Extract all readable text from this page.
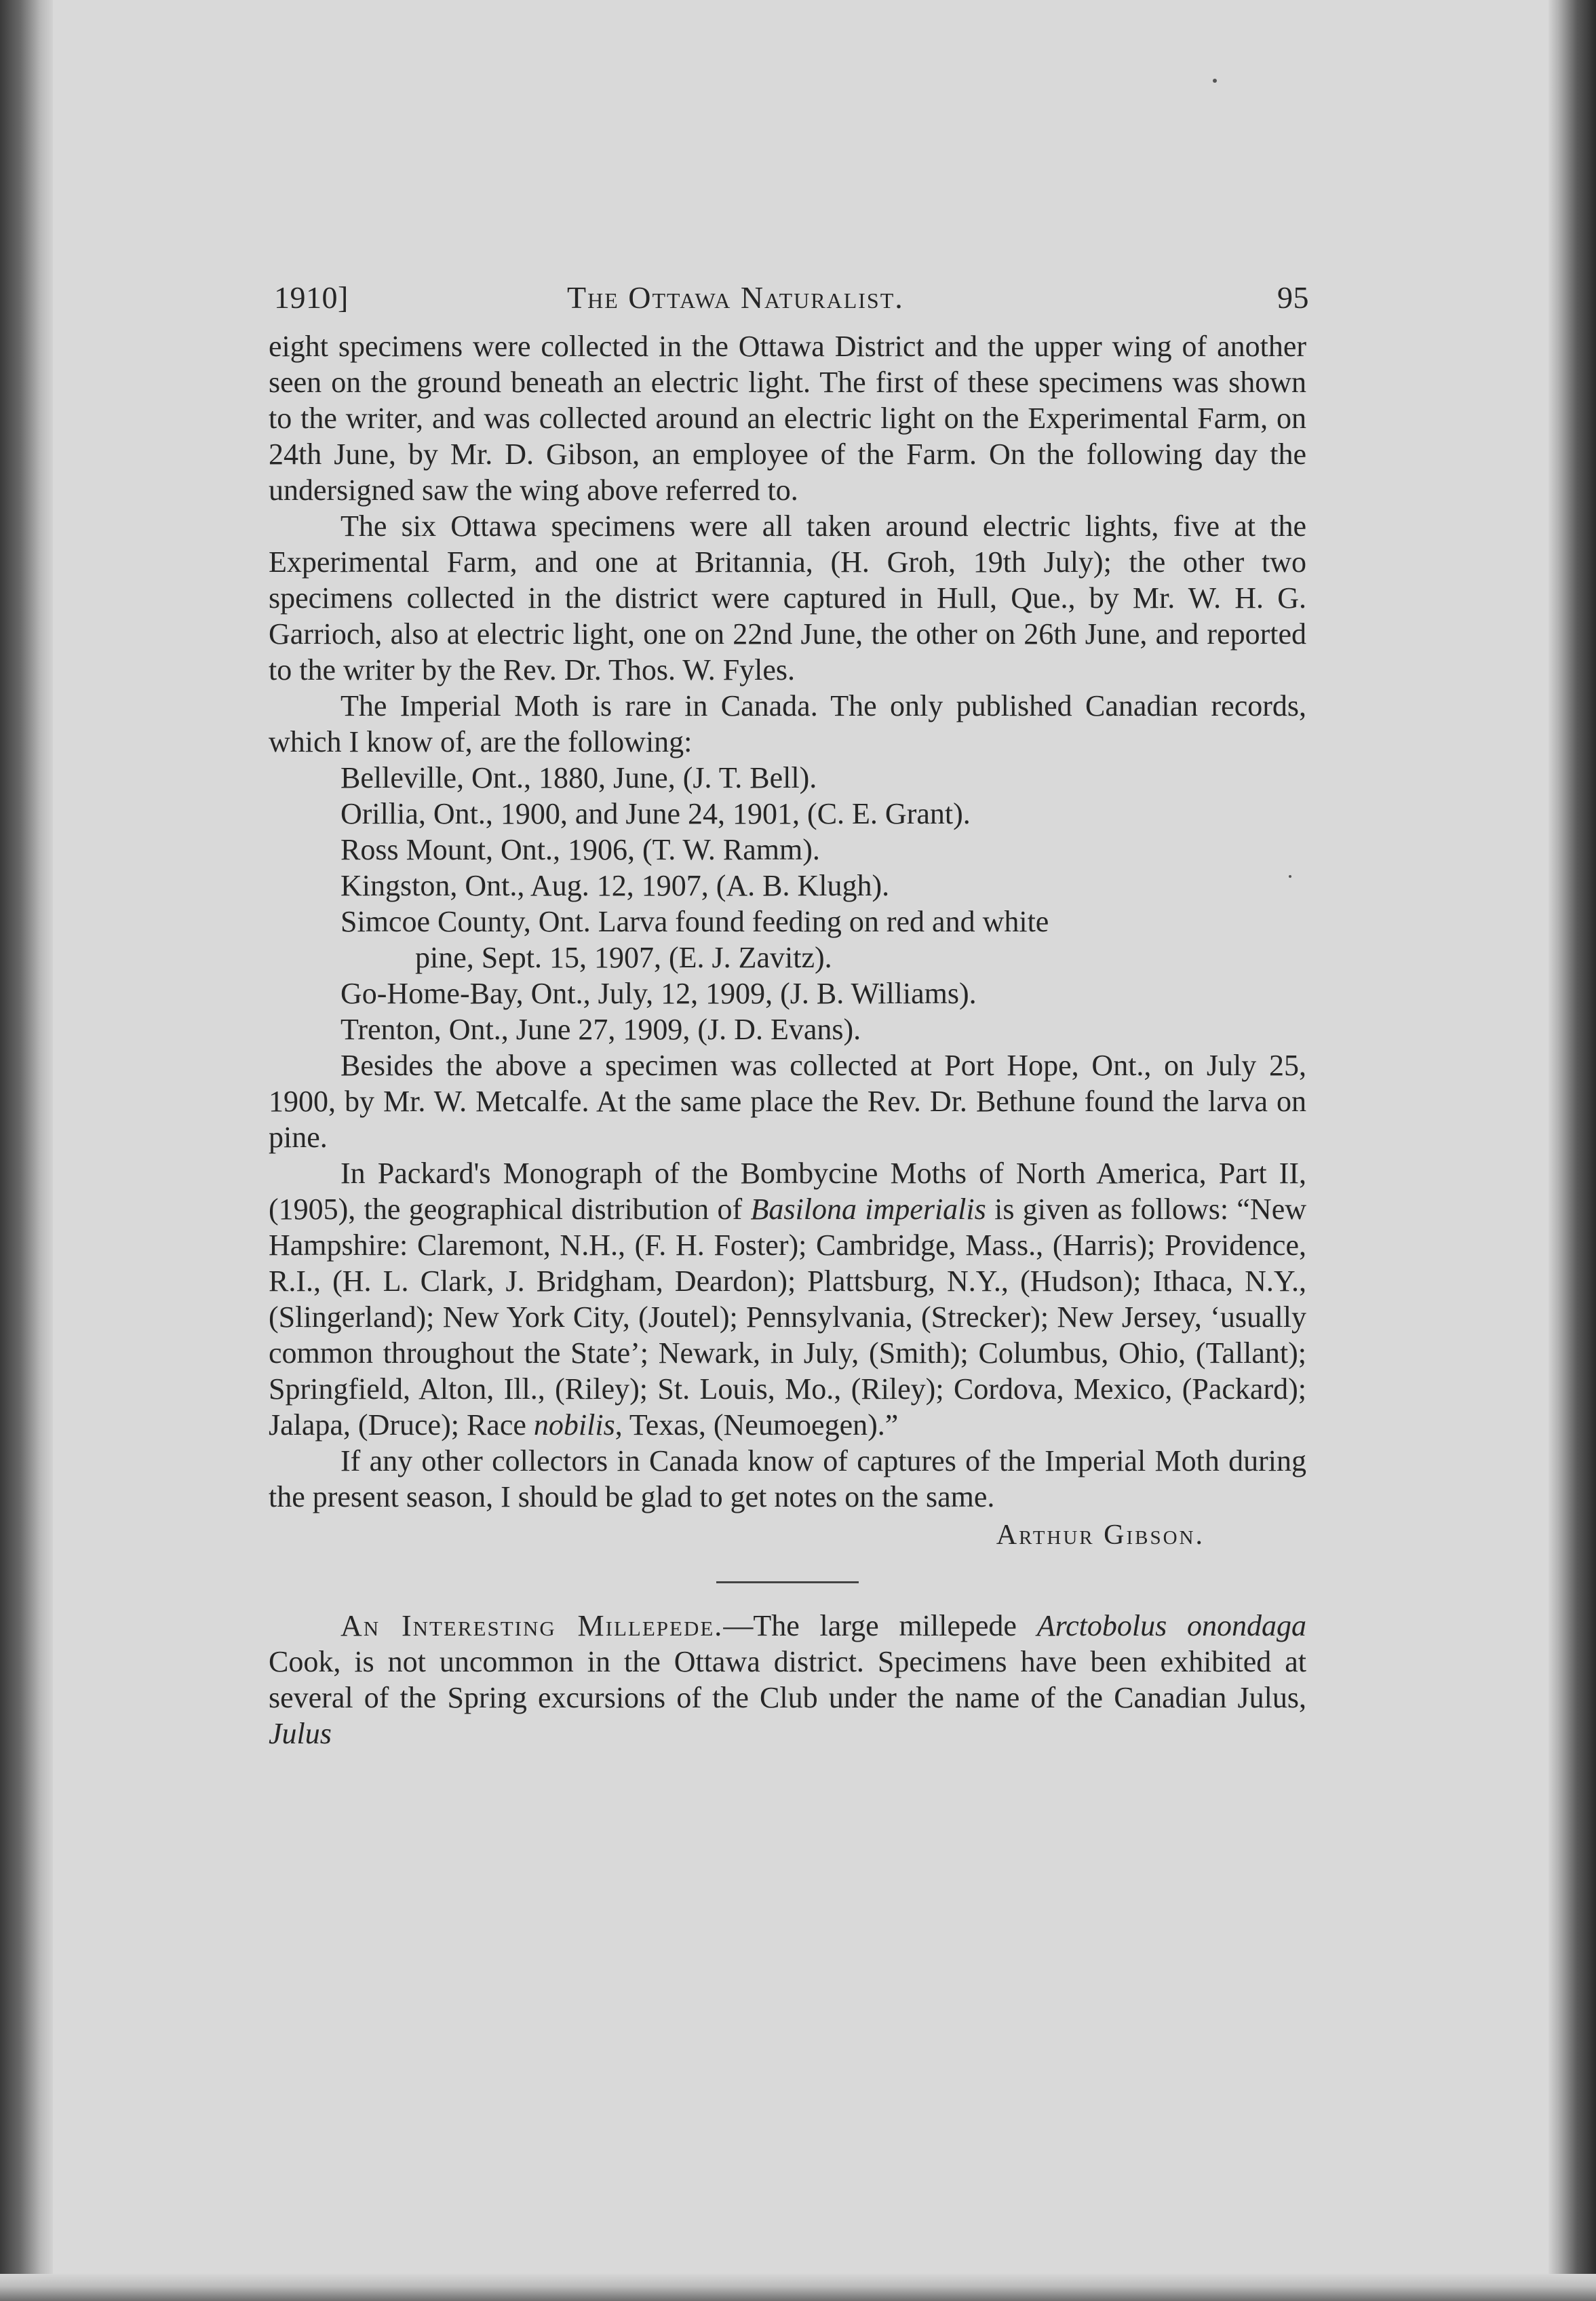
1910]	The Ottawa Naturalist.	95

eight specimens were collected in the Ottawa District and the upper wing of another seen on the ground beneath an electric light. The first of these specimens was shown to the writer, and was collected around an electric light on the Experimental Farm, on 24th June, by Mr. D. Gibson, an employee of the Farm. On the following day the undersigned saw the wing above referred to.

The six Ottawa specimens were all taken around electric lights, five at the Experimental Farm, and one at Britannia, (H. Groh, 19th July); the other two specimens collected in the district were captured in Hull, Que., by Mr. W. H. G. Garrioch, also at electric light, one on 22nd June, the other on 26th June, and reported to the writer by the Rev. Dr. Thos. W. Fyles.

The Imperial Moth is rare in Canada. The only published Canadian records, which I know of, are the following:

Belleville, Ont., 1880, June, (J. T. Bell).
Orillia, Ont., 1900, and June 24, 1901, (C. E. Grant).
Ross Mount, Ont., 1906, (T. W. Ramm).
Kingston, Ont., Aug. 12, 1907, (A. B. Klugh).
Simcoe County, Ont. Larva found feeding on red and white
pine, Sept. 15, 1907, (E. J. Zavitz).
Go-Home-Bay, Ont., July, 12, 1909, (J. B. Williams).
Trenton, Ont., June 27, 1909, (J. D. Evans).

Besides the above a specimen was collected at Port Hope, Ont., on July 25, 1900, by Mr. W. Metcalfe. At the same place the Rev. Dr. Bethune found the larva on pine.

In Packard's Monograph of the Bombycine Moths of North America, Part II, (1905), the geographical distribution of Basilona imperialis is given as follows: “New Hampshire: Claremont, N.H., (F. H. Foster); Cambridge, Mass., (Harris); Providence, R.I., (H. L. Clark, J. Bridgham, Deardon); Plattsburg, N.Y., (Hudson); Ithaca, N.Y., (Slingerland); New York City, (Joutel); Pennsylvania, (Strecker); New Jersey, ‘usually common throughout the State’; Newark, in July, (Smith); Columbus, Ohio, (Tallant); Springfield, Alton, Ill., (Riley); St. Louis, Mo., (Riley); Cordova, Mexico, (Packard); Jalapa, (Druce); Race nobilis, Texas, (Neumoegen).”

If any other collectors in Canada know of captures of the Imperial Moth during the present season, I should be glad to get notes on the same.

Arthur Gibson.

An Interesting Millepede.—The large millepede Arctobolus onondaga Cook, is not uncommon in the Ottawa district. Specimens have been exhibited at several of the Spring excursions of the Club under the name of the Canadian Julus, Julus
